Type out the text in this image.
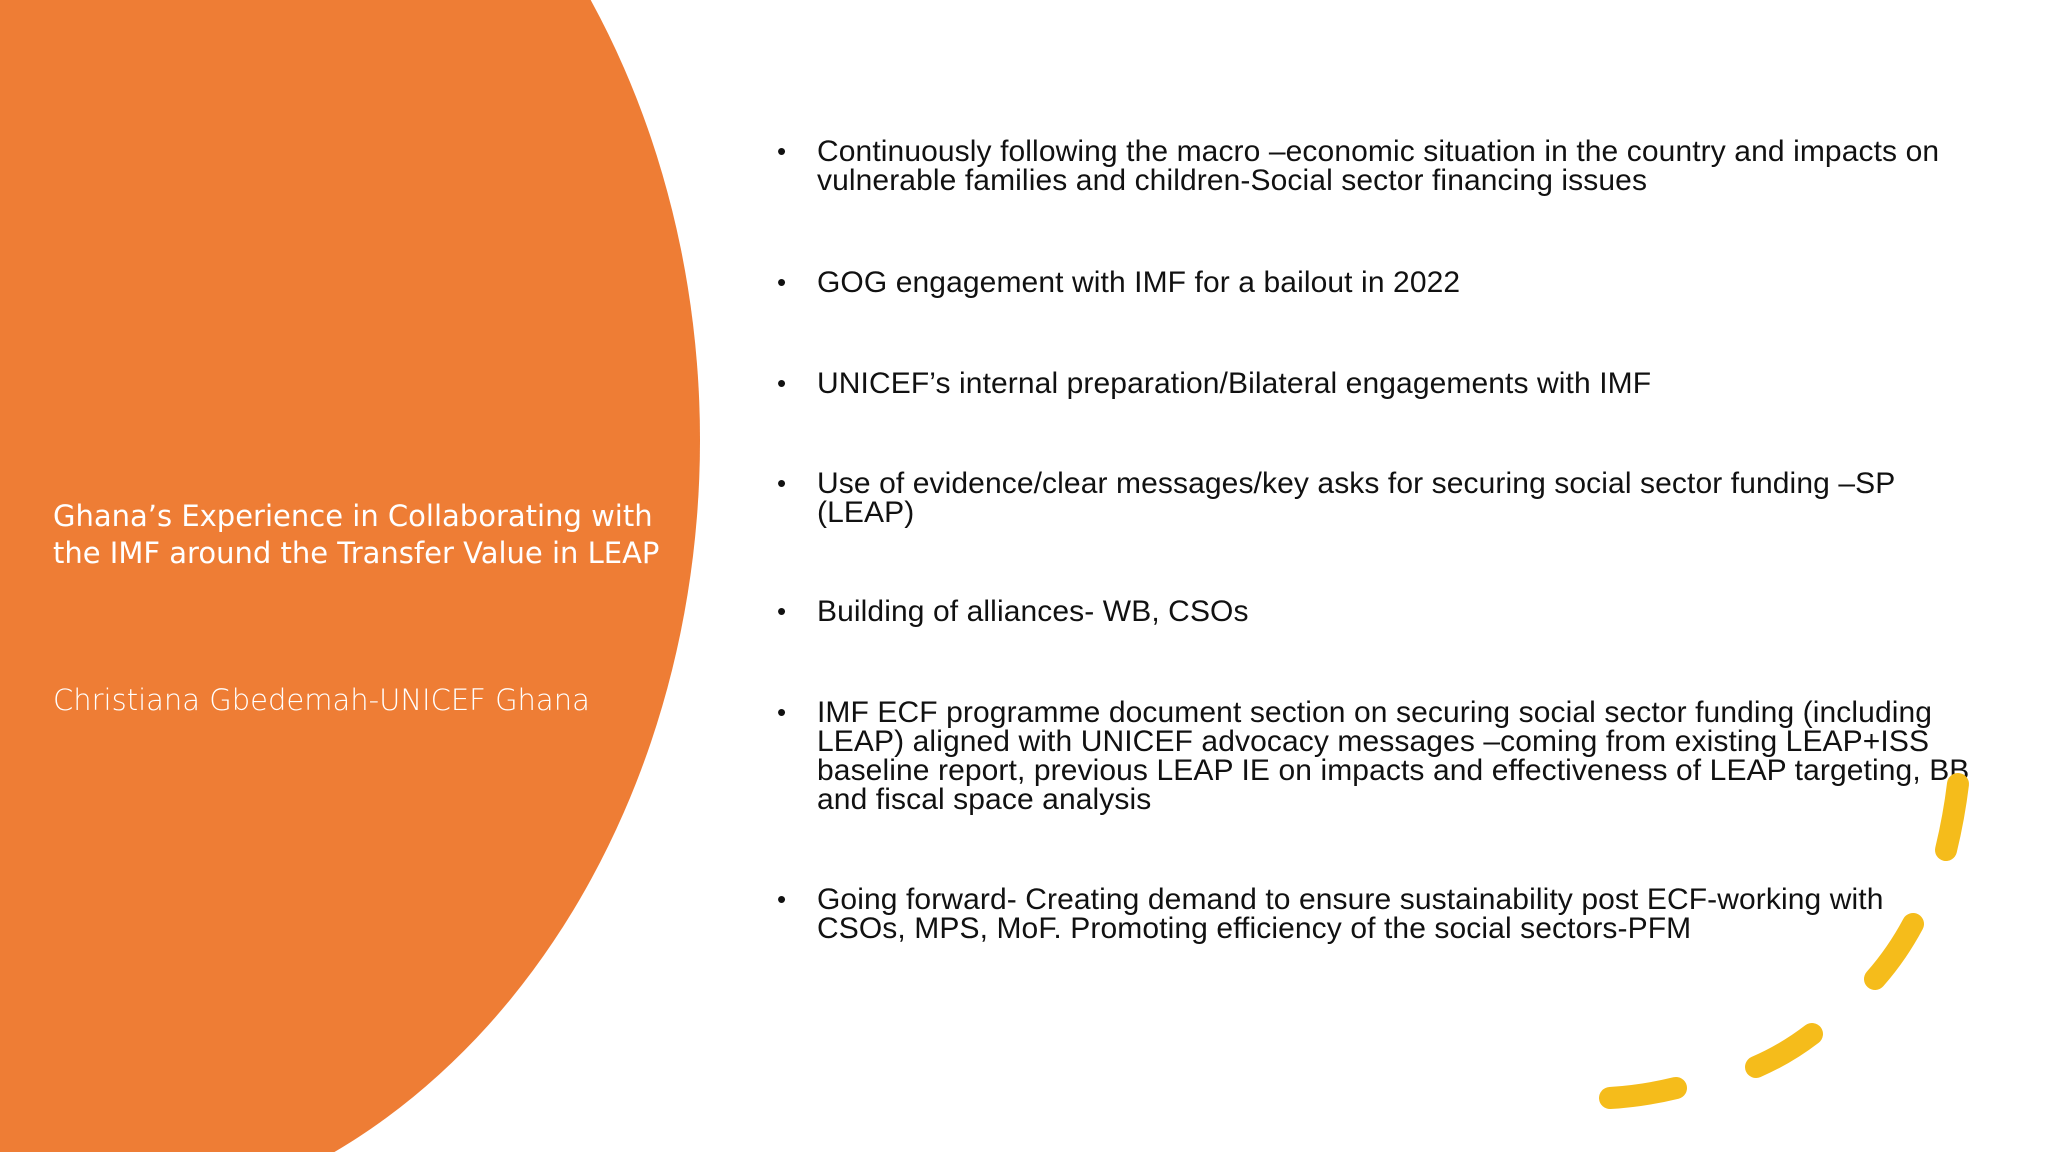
Ghana’s Experience in Collaborating with the IMF around the Transfer Value in LEAP
Christiana Gbedemah-UNICEF Ghana
•	Continuously following the macro –economic situation in the country and impacts on vulnerable families and children-Social sector financing issues
•	GOG engagement with IMF for a bailout in 2022
•	UNICEF’s internal preparation/Bilateral engagements with IMF
•	Use of evidence/clear messages/key asks for securing social sector funding –SP (LEAP)
•	Building of alliances- WB, CSOs
•	IMF ECF programme document section on securing social sector funding (including LEAP) aligned with UNICEF advocacy messages –coming from existing LEAP+ISS baseline report, previous LEAP IE on impacts and effectiveness of LEAP targeting, BB and fiscal space analysis
•	Going forward- Creating demand to ensure sustainability post ECF-working with CSOs, MPS, MoF. Promoting efficiency of the social sectors-PFM
